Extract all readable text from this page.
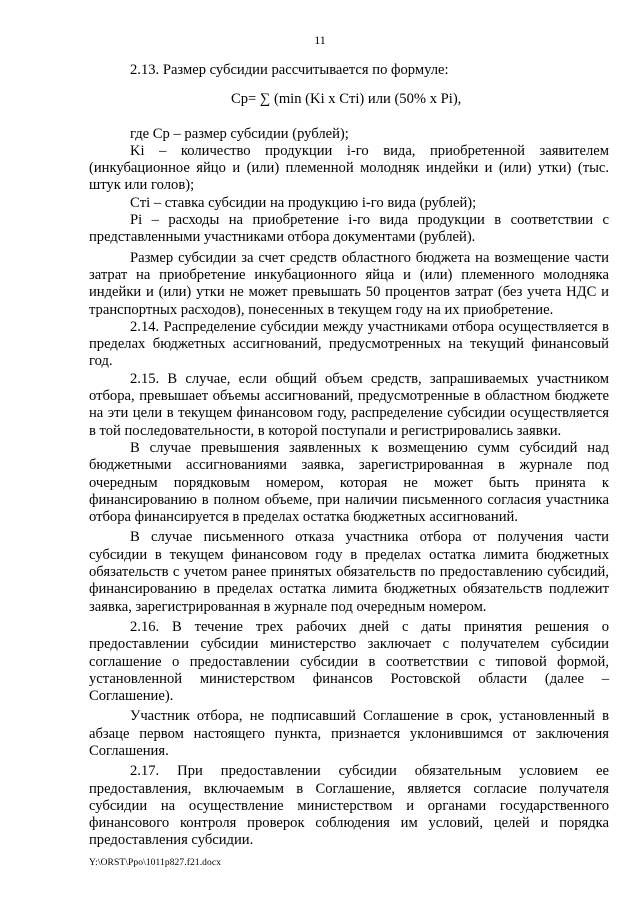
11

2.13. Размер субсидии рассчитывается по формуле:

Cр= ∑ (min (Ki x Cтi) или (50% x Pi),

где Cр – размер субсидии (рублей);

Ki – количество продукции i-го вида, приобретенной заявителем (инкубационное яйцо и (или) племенной молодняк индейки и (или) утки) (тыс. штук или голов);

Cтi – ставка субсидии на продукцию i-го вида (рублей);

Pi – расходы на приобретение i-го вида продукции в соответствии с представленными участниками отбора документами (рублей).

Размер субсидии за счет средств областного бюджета на возмещение части затрат на приобретение инкубационного яйца и (или) племенного молодняка индейки и (или) утки не может превышать 50 процентов затрат (без учета НДС и транспортных расходов), понесенных в текущем году на их приобретение.

2.14. Распределение субсидии между участниками отбора осуществляется в пределах бюджетных ассигнований, предусмотренных на текущий финансовый год.

2.15. В случае, если общий объем средств, запрашиваемых участником отбора, превышает объемы ассигнований, предусмотренные в областном бюджете на эти цели в текущем финансовом году, распределение субсидии осуществляется в той последовательности, в которой поступали и регистрировались заявки.

В случае превышения заявленных к возмещению сумм субсидий над бюджетными ассигнованиями заявка, зарегистрированная в журнале под очередным порядковым номером, которая не может быть принята к финансированию в полном объеме, при наличии письменного согласия участника отбора финансируется в пределах остатка бюджетных ассигнований.

В случае письменного отказа участника отбора от получения части субсидии в текущем финансовом году в пределах остатка лимита бюджетных обязательств с учетом ранее принятых обязательств по предоставлению субсидий, финансированию в пределах остатка лимита бюджетных обязательств подлежит заявка, зарегистрированная в журнале под очередным номером.

2.16. В течение трех рабочих дней с даты принятия решения о предоставлении субсидии министерство заключает с получателем субсидии соглашение о предоставлении субсидии в соответствии с типовой формой, установленной министерством финансов Ростовской области (далее – Соглашение).

Участник отбора, не подписавший Соглашение в срок, установленный в абзаце первом настоящего пункта, признается уклонившимся от заключения Соглашения.

2.17. При предоставлении субсидии обязательным условием ее предоставления, включаемым в Соглашение, является согласие получателя субсидии на осуществление министерством и органами государственного финансового контроля проверок соблюдения им условий, целей и порядка предоставления субсидии.

Y:\ORST\Ppo\1011p827.f21.docx
